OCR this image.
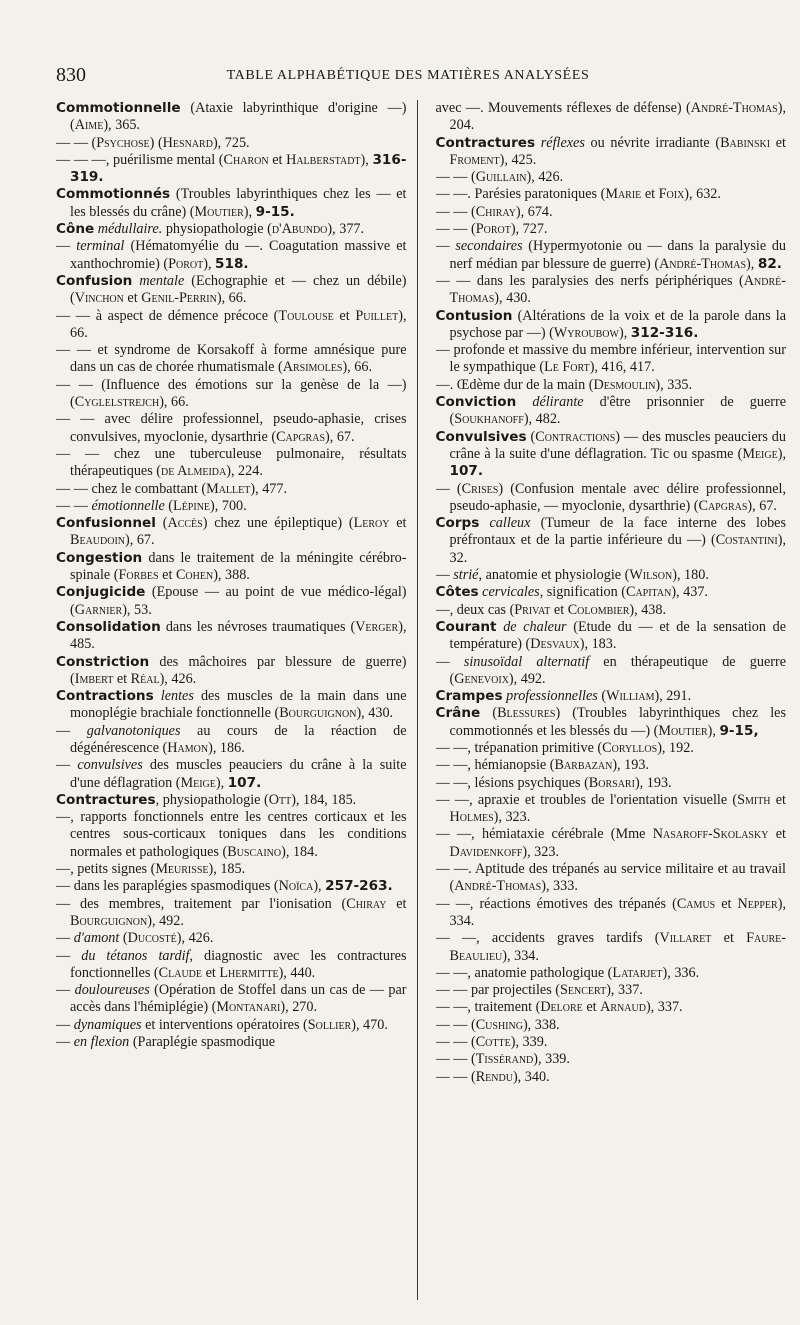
830	TABLE ALPHABÉTIQUE DES MATIÈRES ANALYSÉES

Commotionnelle (Ataxie labyrinthique d'origine —) (Aime), 365.

— — (Psychose) (Hesnard), 725.

— — —, puérilisme mental (Charon et Halberstadt), 316-319.

Commotionnés (Troubles labyrinthiques chez les — et les blessés du crâne) (Moutier), 9-15.

Cône médullaire. physiopathologie (d'Abundo), 377.

— terminal (Hématomyélie du —. Coagutation massive et xanthochromie) (Porot), 518.

Confusion mentale (Echographie et — chez un débile) (Vinchon et Genil-Perrin), 66.

— — à aspect de démence précoce (Toulouse et Puillet), 66.

— — et syndrome de Korsakoff à forme amnésique pure dans un cas de chorée rhumatismale (Arsimoles), 66.

— — (Influence des émotions sur la genèse de la —) (Cyglelstrejch), 66.

— — avec délire professionnel, pseudo-aphasie, crises convulsives, myoclonie, dysarthrie (Capgras), 67.

— — chez une tuberculeuse pulmonaire, résultats thérapeutiques (de Almeida), 224.

— — chez le combattant (Mallet), 477.

— — émotionnelle (Lépine), 700.

Confusionnel (Accès) chez une épileptique) (Leroy et Beaudoin), 67.

Congestion dans le traitement de la méningite cérébro-spinale (Forbes et Cohen), 388.

Conjugicide (Epouse — au point de vue médico-légal) (Garnier), 53.

Consolidation dans les névroses traumatiques (Verger), 485.

Constriction des mâchoires par blessure de guerre) (Imbert et Réal), 426.

Contractions lentes des muscles de la main dans une monoplégie brachiale fonctionnelle (Bourguignon), 430.

— galvanotoniques au cours de la réaction de dégénérescence (Hamon), 186.

— convulsives des muscles peauciers du crâne à la suite d'une déflagration (Meige), 107.

Contractures, physiopathologie (Ott), 184, 185.

—, rapports fonctionnels entre les centres corticaux et les centres sous-corticaux toniques dans les conditions normales et pathologiques (Buscaino), 184.

—, petits signes (Meurisse), 185.

— dans les paraplégies spasmodiques (Noïca), 257-263.

— des membres, traitement par l'ionisation (Chiray et Bourguignon), 492.

— d'amont (Ducosté), 426.

— du tétanos tardif, diagnostic avec les contractures fonctionnelles (Claude et Lhermitte), 440.

— douloureuses (Opération de Stoffel dans un cas de — par accès dans l'hémiplégie) (Montanari), 270.

— dynamiques et interventions opératoires (Sollier), 470.

— en flexion (Paraplégie spasmodique

avec —. Mouvements réflexes de défense) (André-Thomas), 204.

Contractures réflexes ou névrite irradiante (Babinski et Froment), 425.

— — (Guillain), 426.

— —. Parésies paratoniques (Marie et Foix), 632.

— — (Chiray), 674.

— — (Porot), 727.

— secondaires (Hypermyotonie ou — dans la paralysie du nerf médian par blessure de guerre) (André-Thomas), 82.

— — dans les paralysies des nerfs périphériques (André-Thomas), 430.

Contusion (Altérations de la voix et de la parole dans la psychose par —) (Wyroubow), 312-316.

— profonde et massive du membre inférieur, intervention sur le sympathique (Le Fort), 416, 417.

—. Œdème dur de la main (Desmoulin), 335.

Conviction délirante d'être prisonnier de guerre (Soukhanoff), 482.

Convulsives (Contractions) — des muscles peauciers du crâne à la suite d'une déflagration. Tic ou spasme (Meige), 107.

— (Crises) (Confusion mentale avec délire professionnel, pseudo-aphasie, — myoclonie, dysarthrie) (Capgras), 67.

Corps calleux (Tumeur de la face interne des lobes préfrontaux et de la partie inférieure du —) (Costantini), 32.

— strié, anatomie et physiologie (Wilson), 180.

Côtes cervicales, signification (Capitan), 437.

—, deux cas (Privat et Colombier), 438.

Courant de chaleur (Etude du — et de la sensation de température) (Desvaux), 183.

— sinusoïdal alternatif en thérapeutique de guerre (Genevoix), 492.

Crampes professionnelles (William), 291.

Crâne (Blessures) (Troubles labyrinthiques chez les commotionnés et les blessés du —) (Moutier), 9-15,

— —, trépanation primitive (Coryllos), 192.

— —, hémianopsie (Barbazan), 193.

— —, lésions psychiques (Borsari), 193.

— —, apraxie et troubles de l'orientation visuelle (Smith et Holmes), 323.

— —, hémiataxie cérébrale (Mme Nasaroff-Skolasky et Davidenkoff), 323.

— —. Aptitude des trépanés au service militaire et au travail (André-Thomas), 333.

— —, réactions émotives des trépanés (Camus et Nepper), 334.

— —, accidents graves tardifs (Villaret et Faure-Beaulieu), 334.

— —, anatomie pathologique (Latarjet), 336.

— — par projectiles (Sencert), 337.

— —, traitement (Delore et Arnaud), 337.

— — (Cushing), 338.

— — (Cotte), 339.

— — (Tissérand), 339.

— — (Rendu), 340.
